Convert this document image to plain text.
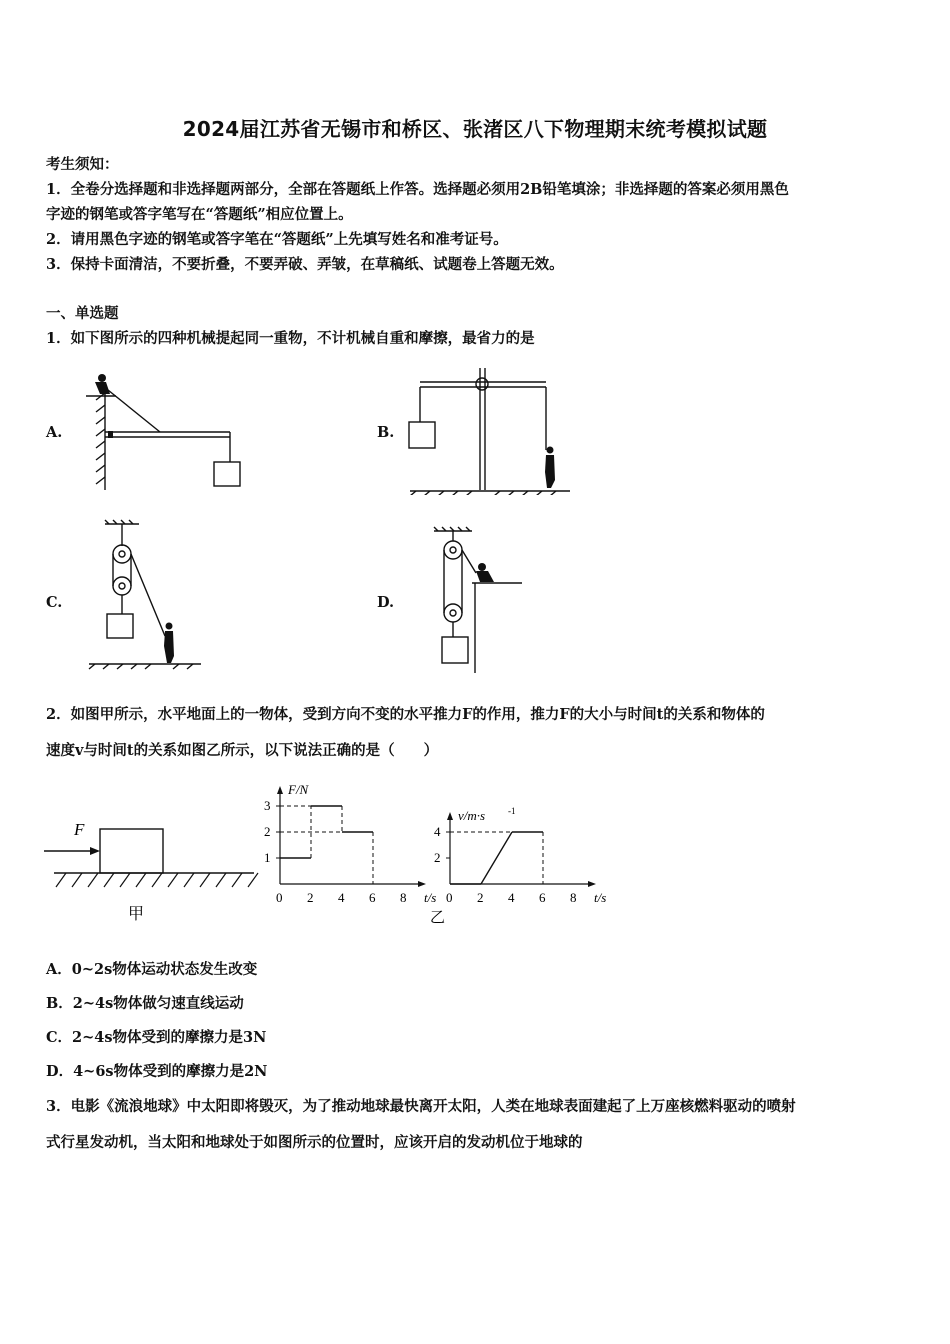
2024届江苏省无锡市和桥区、张渚区八下物理期末统考模拟试题
考生须知：
1．全卷分选择题和非选择题两部分，全部在答题纸上作答。选择题必须用2B铅笔填涂；非选择题的答案必须用黑色
字迹的钢笔或答字笔写在“答题纸”相应位置上。
2．请用黑色字迹的钢笔或答字笔在“答题纸”上先填写姓名和准考证号。
3．保持卡面清洁，不要折叠，不要弄破、弄皱，在草稿纸、试题卷上答题无效。
一、单选题
1．如下图所示的四种机械提起同一重物，不计机械自重和摩擦，最省力的是
A.	B.
C.	D.
2．如图甲所示，水平地面上的一物体，受到方向不变的水平推力F的作用，推力F的大小与时间t的关系和物体的
速度v与时间t的关系如图乙所示，以下说法正确的是（　　）
F
甲
F/N
t/s
0 2 4 6 8
1
2
3
v/m·s	-1
t/s
0 2 4 6 8
2
4
乙
A．0~2s物体运动状态发生改变
B．2~4s物体做匀速直线运动
C．2~4s物体受到的摩擦力是3N
D．4~6s物体受到的摩擦力是2N
3．电影《流浪地球》中太阳即将毁灭，为了推动地球最快离开太阳，人类在地球表面建起了上万座核燃料驱动的喷射
式行星发动机，当太阳和地球处于如图所示的位置时，应该开启的发动机位于地球的
